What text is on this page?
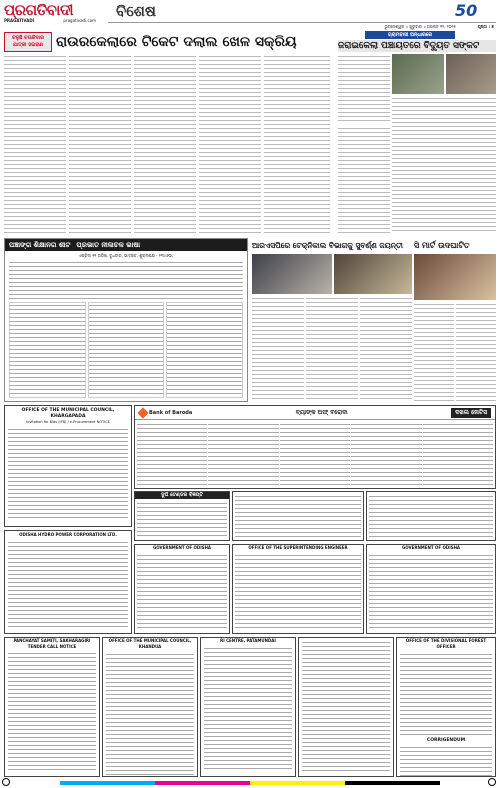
ପ୍ରଗତିବାଦୀ
PRAGATIVADI	pragativadi.com
ବିଶେଷ	50
ଭୁବନେଶ୍ୱର ॥ ଗୁରୁବାର ॥ ଅଗଷ୍ଟ ୧୨, ୨୦୨୫	ପୃଷ୍ଠା : ୭
ଚଳୁଛି ଚଉକିଦାର ଯାତ୍ରୀ ହଇରାଣ ରାଉରକେଲାରେ ଟିକେଟ ଦଲାଲ ଖେଳ ସକ୍ରିୟ	ଗ୍ରାମବାସୀ ଅନ୍ଧାରରେ
ଜରାଇକେଲା ପଞ୍ଚାୟତରେ ବିଦ୍ୟୁତ ସଙ୍କଟ
ପଞ୍ଚାଙ୍ଗ ଶିକ୍ଷାନଗ ଶୀଟ ପ୍ରଭାତ ନୀଳାଚଳ ଭାଷା
ଏପ୍ରିଲ ୧୧ ତାରିଖ, ବୁଧବାର, ଭାଦ୍ରବ, ଶୁକ୍ଲପକ୍ଷ - ୧୩୯୬୦୯
ଆରଏସପିରେ ଟେକ୍ନିକାଲ ବିଭାଗକୁ ସୁବର୍ଣ୍ଣ ଜୟନ୍ତୀ	ସି ମାର୍ଟ ଉଦଘାଟିତ
Bank of Baroda	ବ୍ୟାଙ୍କ ଅଫ୍ ବରୋଦା	ଦଖଲ ନୋଟିସ
OFFICE OF THE MUNICIPAL COUNCIL, KHARGAPADA
Invitation for Bids (IFB) / e-Procurement NOTICE
ଦୁର୍ଘ ଟେଣ୍ଡର ବିଜ୍ଞପ୍ତି
GOVERNMENT OF ODISHA	OFFICE OF THE SUPERINTENDING ENGINEER	GOVERNMENT OF ODISHA
ODISHA HYDRO POWER CORPORATION LTD.
PANCHAYAT SAMITI, SAKHARAGIRI
TENDER CALL NOTICE
OFFICE OF THE MUNICIPAL COUNCIL, KHANDUA
RI CENTRE, PATAMUNDAI	OFFICE OF THE DIVISIONAL FOREST OFFICER
CORRIGENDUM
